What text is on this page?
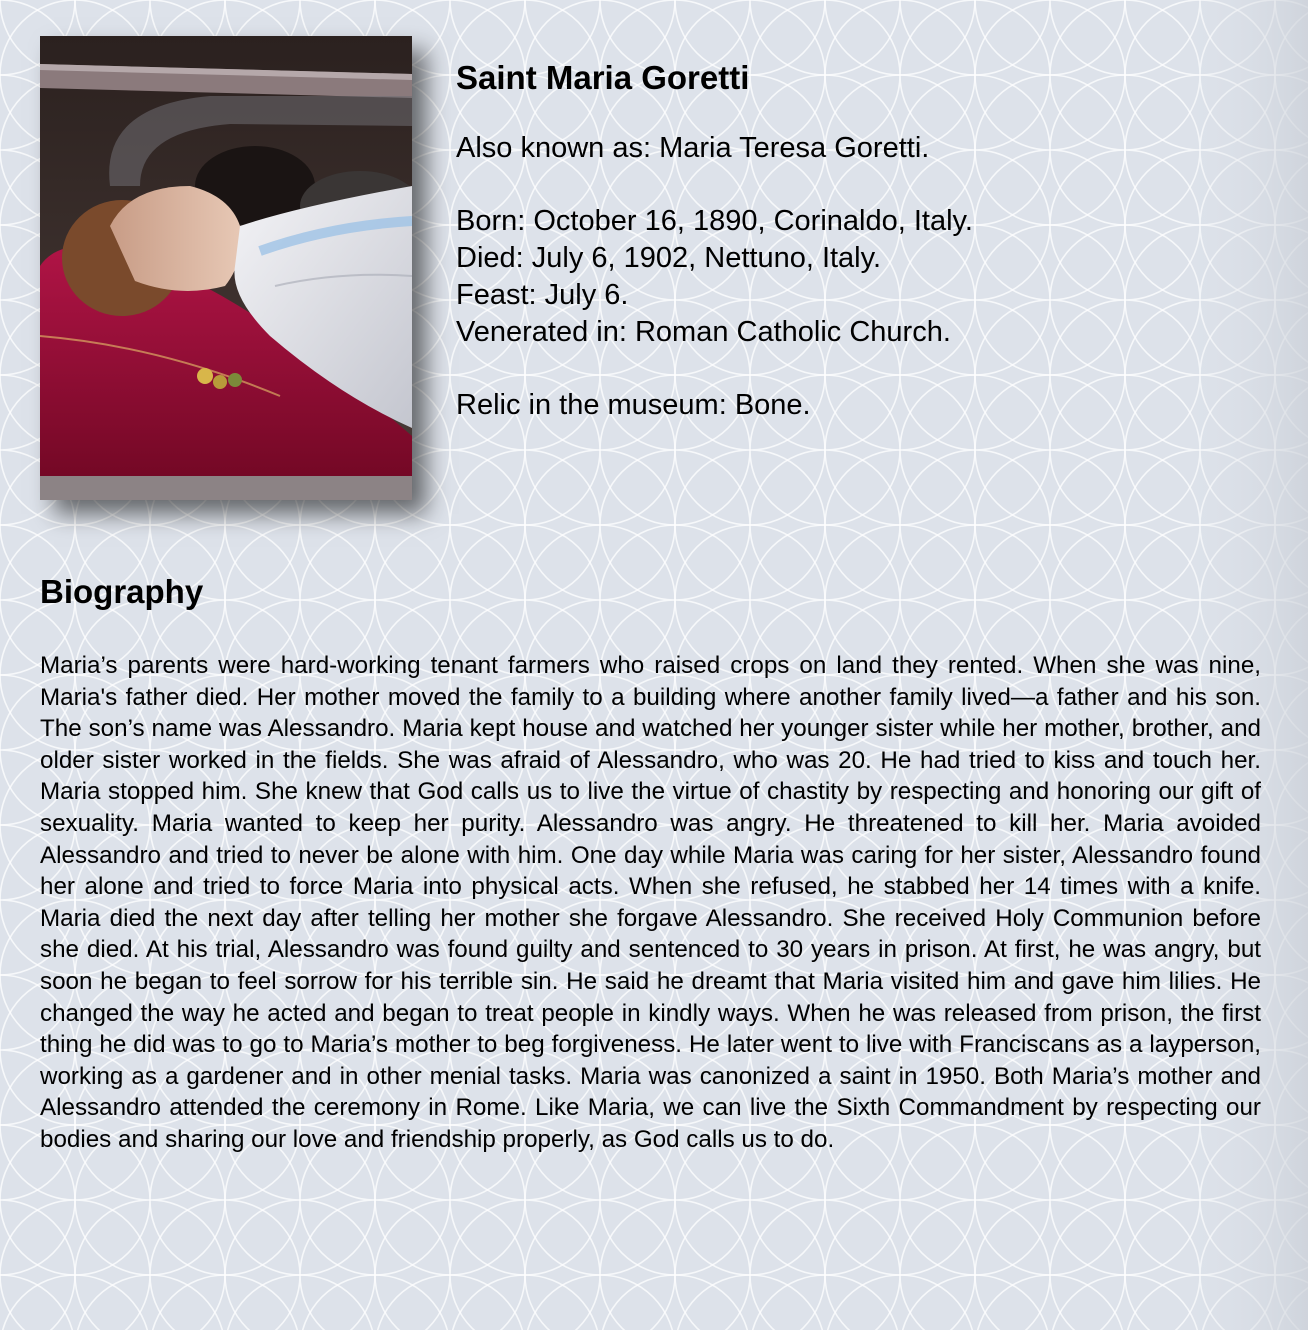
Saint Maria Goretti

Also known as: Maria Teresa Goretti.

Born: October 16, 1890, Corinaldo, Italy.

Died: July 6, 1902, Nettuno, Italy.

Feast: July 6.

Venerated in: Roman Catholic Church.

Relic in the museum: Bone.

Biography

Maria’s parents were hard-working tenant farmers who raised crops on land they rented. When she was nine, Maria's father died. Her mother moved the family to a building where another family lived—a father and his son. The son’s name was Alessandro. Maria kept house and watched her younger sister while her mother, brother, and older sister worked in the fields. She was afraid of Alessandro, who was 20. He had tried to kiss and touch her. Maria stopped him. She knew that God calls us to live the virtue of chastity by respecting and honoring our gift of sexuality. Maria wanted to keep her purity. Alessandro was angry. He threatened to kill her. Maria avoided Alessandro and tried to never be alone with him. One day while Maria was caring for her sister, Alessandro found her alone and tried to force Maria into physical acts. When she refused, he stabbed her 14 times with a knife. Maria died the next day after telling her mother she forgave Alessandro. She received Holy Communion before she died. At his trial, Alessandro was found guilty and sentenced to 30 years in prison. At first, he was angry, but soon he began to feel sorrow for his terrible sin. He said he dreamt that Maria visited him and gave him lilies. He changed the way he acted and began to treat people in kindly ways. When he was released from prison, the first thing he did was to go to Maria’s mother to beg forgiveness. He later went to live with Franciscans as a layperson, working as a gardener and in other menial tasks. Maria was canonized a saint in 1950. Both Maria’s mother and Alessandro attended the ceremony in Rome. Like Maria, we can live the Sixth Commandment by respecting our bodies and sharing our love and friendship properly, as God calls us to do.
